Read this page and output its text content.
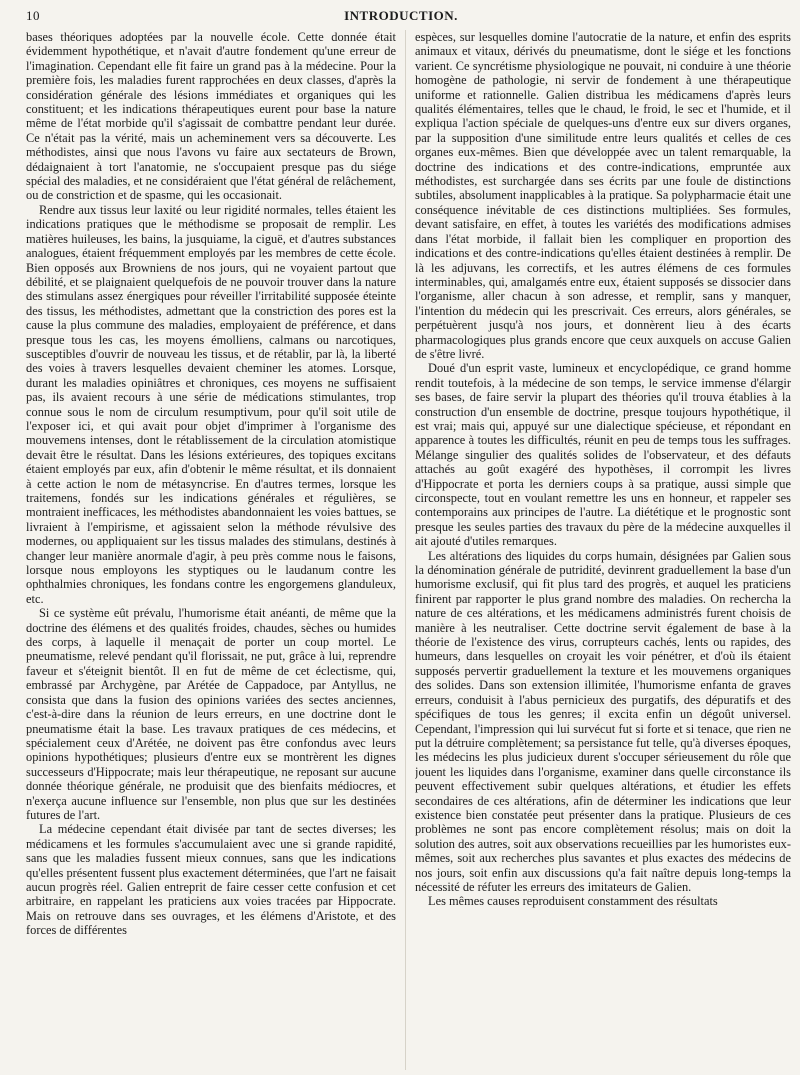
10	INTRODUCTION.

bases théoriques adoptées par la nouvelle école. Cette donnée était évidemment hypothétique, et n'avait d'autre fondement qu'une erreur de l'imagination. Cependant elle fit faire un grand pas à la médecine. Pour la première fois, les maladies furent rapprochées en deux classes, d'après la considération générale des lésions immédiates et organiques qui les constituent; et les indications thérapeutiques eurent pour base la nature même de l'état morbide qu'il s'agissait de combattre pendant leur durée. Ce n'était pas la vérité, mais un acheminement vers sa découverte. Les méthodistes, ainsi que nous l'avons vu faire aux sectateurs de Brown, dédaignaient à tort l'anatomie, ne s'occupaient presque pas du siége spécial des maladies, et ne considéraient que l'état général de relâchement, ou de constriction et de spasme, qui les occasionait.

Rendre aux tissus leur laxité ou leur rigidité normales, telles étaient les indications pratiques que le méthodisme se proposait de remplir. Les matières huileuses, les bains, la jusquiame, la ciguë, et d'autres substances analogues, étaient fréquemment employés par les membres de cette école. Bien opposés aux Browniens de nos jours, qui ne voyaient partout que débilité, et se plaignaient quelquefois de ne pouvoir trouver dans la nature des stimulans assez énergiques pour réveiller l'irritabilité supposée éteinte des tissus, les méthodistes, admettant que la constriction des pores est la cause la plus commune des maladies, employaient de préférence, et dans presque tous les cas, les moyens émolliens, calmans ou narcotiques, susceptibles d'ouvrir de nouveau les tissus, et de rétablir, par là, la liberté des voies à travers lesquelles devaient cheminer les atomes. Lorsque, durant les maladies opiniâtres et chroniques, ces moyens ne suffisaient pas, ils avaient recours à une série de médications stimulantes, trop connue sous le nom de circulum resumptivum, pour qu'il soit utile de l'exposer ici, et qui avait pour objet d'imprimer à l'organisme des mouvemens intenses, dont le rétablissement de la circulation atomistique devait être le résultat. Dans les lésions extérieures, des topiques excitans étaient employés par eux, afin d'obtenir le même résultat, et ils donnaient à cette action le nom de métasyncrise. En d'autres termes, lorsque les traitemens, fondés sur les indications générales et régulières, se montraient inefficaces, les méthodistes abandonnaient les voies battues, se livraient à l'empirisme, et agissaient selon la méthode révulsive des modernes, ou appliquaient sur les tissus malades des stimulans, destinés à changer leur manière anormale d'agir, à peu près comme nous le faisons, lorsque nous employons les styptiques ou le laudanum contre les ophthalmies chroniques, les fondans contre les engorgemens glanduleux, etc.

Si ce système eût prévalu, l'humorisme était anéanti, de même que la doctrine des élémens et des qualités froides, chaudes, sèches ou humides des corps, à laquelle il menaçait de porter un coup mortel. Le pneumatisme, relevé pendant qu'il florissait, ne put, grâce à lui, reprendre faveur et s'éteignit bientôt. Il en fut de même de cet éclectisme, qui, embrassé par Archygène, par Arétée de Cappadoce, par Antyllus, ne consista que dans la fusion des opinions variées des sectes anciennes, c'est-à-dire dans la réunion de leurs erreurs, en une doctrine dont le pneumatisme était la base. Les travaux pratiques de ces médecins, et spécialement ceux d'Arétée, ne doivent pas être confondus avec leurs opinions hypothétiques; plusieurs d'entre eux se montrèrent les dignes successeurs d'Hippocrate; mais leur thérapeutique, ne reposant sur aucune donnée théorique générale, ne produisit que des bienfaits médiocres, et n'exerça aucune influence sur l'ensemble, non plus que sur les destinées futures de l'art.

La médecine cependant était divisée par tant de sectes diverses; les médicamens et les formules s'accumulaient avec une si grande rapidité, sans que les maladies fussent mieux connues, sans que les indications qu'elles présentent fussent plus exactement déterminées, que l'art ne faisait aucun progrès réel. Galien entreprit de faire cesser cette confusion et cet arbitraire, en rappelant les praticiens aux voies tracées par Hippocrate. Mais on retrouve dans ses ouvrages, et les élémens d'Aristote, et des forces de différentes

espèces, sur lesquelles domine l'autocratie de la nature, et enfin des esprits animaux et vitaux, dérivés du pneumatisme, dont le siége et les fonctions varient. Ce syncrétisme physiologique ne pouvait, ni conduire à une théorie homogène de pathologie, ni servir de fondement à une thérapeutique uniforme et rationnelle. Galien distribua les médicamens d'après leurs qualités élémentaires, telles que le chaud, le froid, le sec et l'humide, et il expliqua l'action spéciale de quelques-uns d'entre eux sur divers organes, par la supposition d'une similitude entre leurs qualités et celles de ces organes eux-mêmes. Bien que développée avec un talent remarquable, la doctrine des indications et des contre-indications, empruntée aux méthodistes, est surchargée dans ses écrits par une foule de distinctions subtiles, absolument inapplicables à la pratique. Sa polypharmacie était une conséquence inévitable de ces distinctions multipliées. Ses formules, devant satisfaire, en effet, à toutes les variétés des modifications admises dans l'état morbide, il fallait bien les compliquer en proportion des indications et des contre-indications qu'elles étaient destinées à remplir. De là les adjuvans, les correctifs, et les autres élémens de ces formules interminables, qui, amalgamés entre eux, étaient supposés se dissocier dans l'organisme, aller chacun à son adresse, et remplir, sans y manquer, l'intention du médecin qui les prescrivait. Ces erreurs, alors générales, se perpétuèrent jusqu'à nos jours, et donnèrent lieu à des écarts pharmacologiques plus grands encore que ceux auxquels on accuse Galien de s'être livré.

Doué d'un esprit vaste, lumineux et encyclopédique, ce grand homme rendit toutefois, à la médecine de son temps, le service immense d'élargir ses bases, de faire servir la plupart des théories qu'il trouva établies à la construction d'un ensemble de doctrine, presque toujours hypothétique, il est vrai; mais qui, appuyé sur une dialectique spécieuse, et répondant en apparence à toutes les difficultés, réunit en peu de temps tous les suffrages. Mélange singulier des qualités solides de l'observateur, et des défauts attachés au goût exagéré des hypothèses, il corrompit les livres d'Hippocrate et porta les derniers coups à sa pratique, aussi simple que circonspecte, tout en voulant remettre les uns en honneur, et rappeler ses contemporains aux principes de l'autre. La diététique et le prognostic sont presque les seules parties des travaux du père de la médecine auxquelles il ait ajouté d'utiles remarques.

Les altérations des liquides du corps humain, désignées par Galien sous la dénomination générale de putridité, devinrent graduellement la base d'un humorisme exclusif, qui fit plus tard des progrès, et auquel les praticiens finirent par rapporter le plus grand nombre des maladies. On rechercha la nature de ces altérations, et les médicamens administrés furent choisis de manière à les neutraliser. Cette doctrine servit également de base à la théorie de l'existence des virus, corrupteurs cachés, lents ou rapides, des humeurs, dans lesquelles on croyait les voir pénétrer, et d'où ils étaient supposés pervertir graduellement la texture et les mouvemens organiques des solides. Dans son extension illimitée, l'humorisme enfanta de graves erreurs, conduisit à l'abus pernicieux des purgatifs, des dépuratifs et des spécifiques de tous les genres; il excita enfin un dégoût universel. Cependant, l'impression qui lui survécut fut si forte et si tenace, que rien ne put la détruire complètement; sa persistance fut telle, qu'à diverses époques, les médecins les plus judicieux durent s'occuper sérieusement du rôle que jouent les liquides dans l'organisme, examiner dans quelle circonstance ils peuvent effectivement subir quelques altérations, et étudier les effets secondaires de ces altérations, afin de déterminer les indications que leur existence bien constatée peut présenter dans la pratique. Plusieurs de ces problèmes ne sont pas encore complètement résolus; mais on doit la solution des autres, soit aux observations recueillies par les humoristes eux-mêmes, soit aux recherches plus savantes et plus exactes des médecins de nos jours, soit enfin aux discussions qu'a fait naître depuis long-temps la nécessité de réfuter les erreurs des imitateurs de Galien.

Les mêmes causes reproduisent constamment des résultats
